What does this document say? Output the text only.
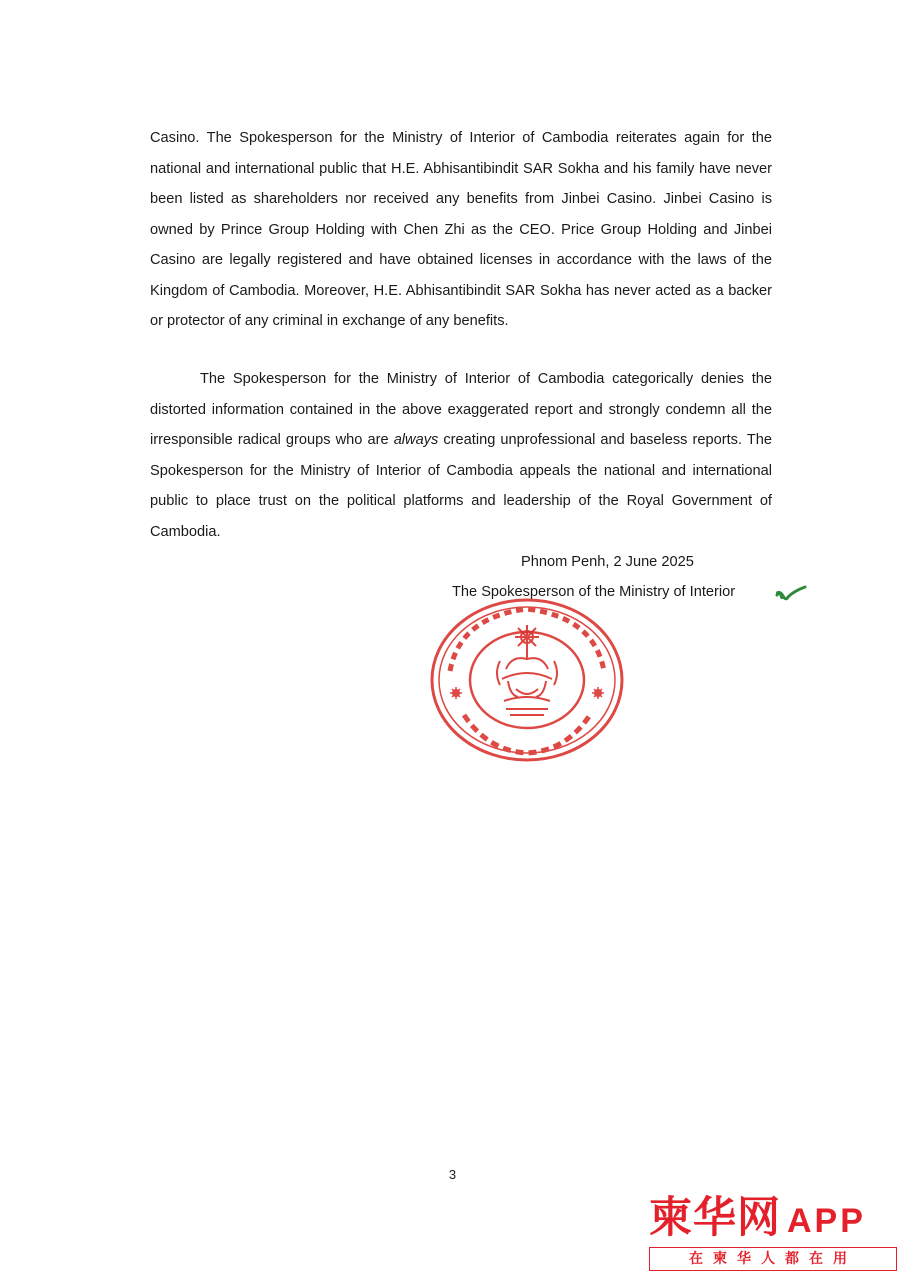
Casino. The Spokesperson for the Ministry of Interior of Cambodia reiterates again for the national and international public that H.E. Abhisantibindit SAR Sokha and his family have never been listed as shareholders nor received any benefits from Jinbei Casino. Jinbei Casino is owned by Prince Group Holding with Chen Zhi as the CEO. Price Group Holding and Jinbei Casino are legally registered and have obtained licenses in accordance with the laws of the Kingdom of Cambodia. Moreover, H.E. Abhisantibindit SAR Sokha has never acted as a backer or protector of any criminal in exchange of any benefits.

The Spokesperson for the Ministry of Interior of Cambodia categorically denies the distorted information contained in the above exaggerated report and strongly condemn all the irresponsible radical groups who are always creating unprofessional and baseless reports. The Spokesperson for the Ministry of Interior of Cambodia appeals the national and international public to place trust on the political platforms and leadership of the Royal Government of Cambodia.

Phnom Penh, 2 June 2025

The Spokesperson of the Ministry of Interior

3

柬华网 APP
在柬华人都在用
